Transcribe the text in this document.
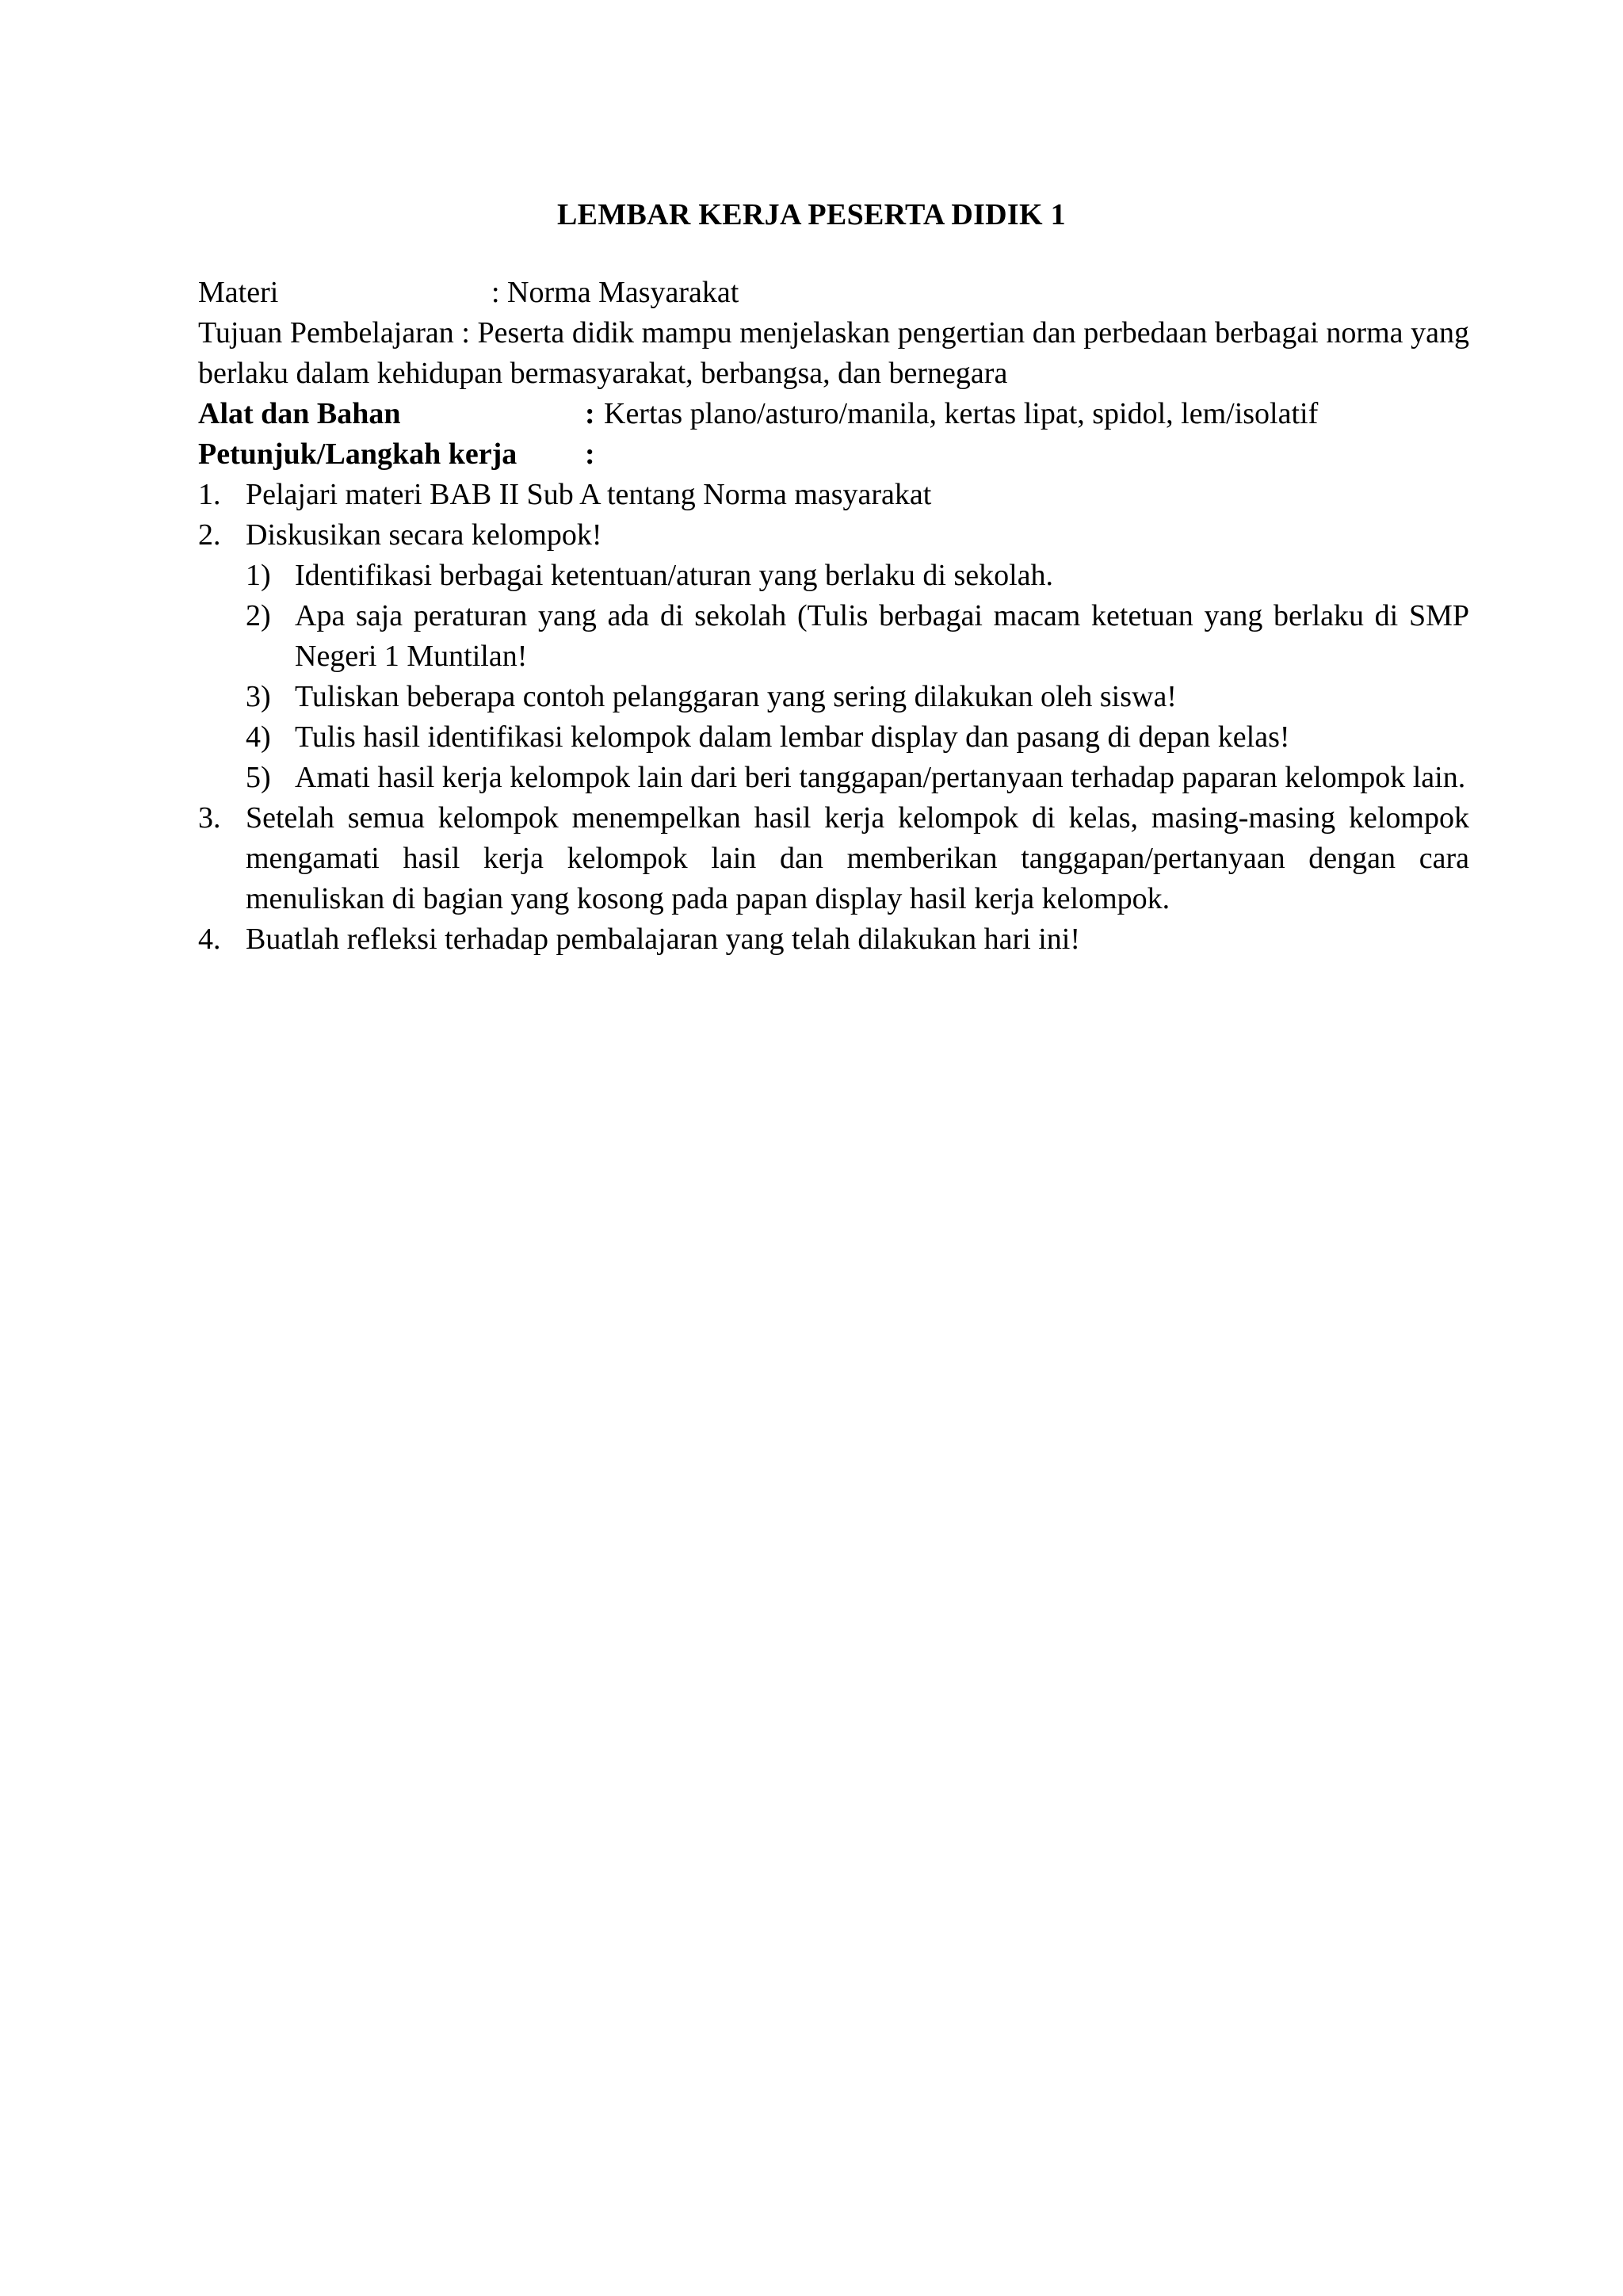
LEMBAR KERJA PESERTA DIDIK 1
Materi	: Norma Masyarakat
Tujuan Pembelajaran : Peserta didik mampu menjelaskan pengertian dan perbedaan berbagai norma yang berlaku dalam kehidupan bermasyarakat, berbangsa, dan bernegara
Alat dan Bahan	: Kertas plano/asturo/manila, kertas lipat, spidol, lem/isolatif
Petunjuk/Langkah kerja :
1. Pelajari materi BAB II Sub A tentang Norma masyarakat
2. Diskusikan secara kelompok!
1) Identifikasi berbagai ketentuan/aturan yang berlaku di sekolah.
2) Apa saja peraturan yang ada di sekolah (Tulis berbagai macam ketetuan yang berlaku di SMP Negeri 1 Muntilan!
3) Tuliskan beberapa contoh pelanggaran yang sering dilakukan oleh siswa!
4) Tulis hasil identifikasi kelompok dalam lembar display dan pasang di depan kelas!
5) Amati hasil kerja kelompok lain dari beri tanggapan/pertanyaan terhadap paparan kelompok lain.
3. Setelah semua kelompok menempelkan hasil kerja kelompok di kelas, masing-masing kelompok mengamati hasil kerja kelompok lain dan memberikan tanggapan/pertanyaan dengan cara menuliskan di bagian yang kosong pada papan display hasil kerja kelompok.
4. Buatlah refleksi terhadap pembalajaran yang telah dilakukan hari ini!
